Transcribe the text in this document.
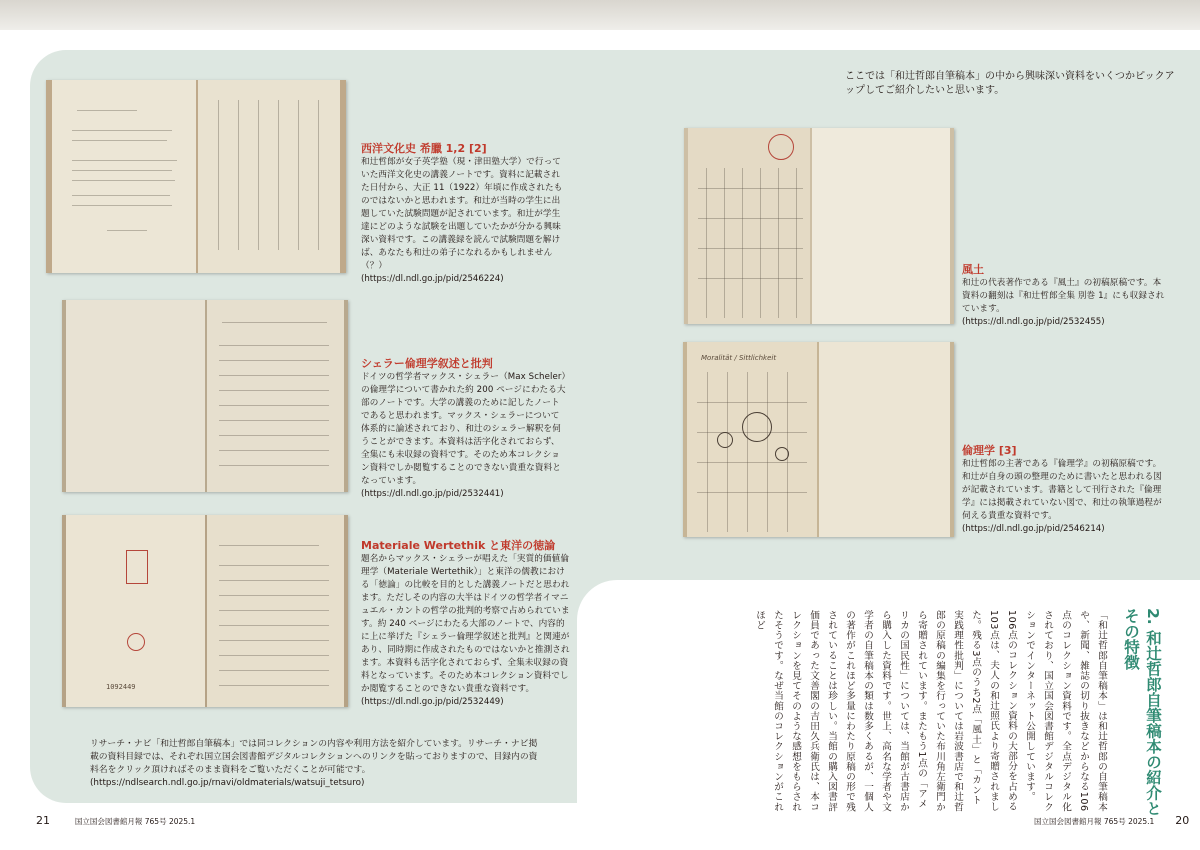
1092449
Moralität / Sittlichkeit
ここでは「和辻哲郎自筆稿本」の中から興味深い資料をいくつかピックアップしてご紹介したいと思います。
西洋文化史 希臘 1,2 [2]
和辻哲郎が女子英学塾（現・津田塾大学）で行っていた西洋文化史の講義ノートです。資料に記載された日付から、大正 11（1922）年頃に作成されたものではないかと思われます。和辻が当時の学生に出題していた試験問題が記されています。和辻が学生達にどのような試験を出題していたかが分かる興味深い資料です。この講義録を読んで試験問題を解けば、あなたも和辻の弟子になれるかもしれません（？）
(https://dl.ndl.go.jp/pid/2546224)
シェラー倫理学叙述と批判
ドイツの哲学者マックス・シェラー（Max Scheler）の倫理学について書かれた約 200 ページにわたる大部のノートです。大学の講義のために記したノートであると思われます。マックス・シェラーについて体系的に論述されており、和辻のシェラー解釈を伺うことができます。本資料は活字化されておらず、全集にも未収録の資料です。そのため本コレクション資料でしか閲覧することのできない貴重な資料となっています。
(https://dl.ndl.go.jp/pid/2532441)
Materiale Wertethik と東洋の徳論
題名からマックス・シェラーが唱えた「実質的価値倫理学（Materiale Wertethik）」と東洋の儒教における「徳論」の比較を目的とした講義ノートだと思われます。ただしその内容の大半はドイツの哲学者イマニュエル・カントの哲学の批判的考察で占められています。約 240 ページにわたる大部のノートで、内容的に上に挙げた『シェラー倫理学叙述と批判』と関連があり、同時期に作成されたものではないかと推測されます。本資料も活字化されておらず、全集未収録の資料となっています。そのため本コレクション資料でしか閲覧することのできない貴重な資料です。
(https://dl.ndl.go.jp/pid/2532449)
風土
和辻の代表著作である『風土』の初稿原稿です。本資料の翻刻は『和辻哲郎全集 別巻 1』にも収録されています。
(https://dl.ndl.go.jp/pid/2532455)
倫理学 [3]
和辻哲郎の主著である『倫理学』の初稿原稿です。和辻が自身の頭の整理のために書いたと思われる図が記載されています。書籍として刊行された『倫理学』には掲載されていない図で、和辻の執筆過程が伺える貴重な資料です。
(https://dl.ndl.go.jp/pid/2546214)
リサーチ・ナビ「和辻哲郎自筆稿本」では同コレクションの内容や利用方法を紹介しています。リサーチ・ナビ掲載の資料目録では、それぞれ国立国会図書館デジタルコレクションへのリンクを貼っておりますので、目録内の資料名をクリック頂ければそのまま資料をご覧いただくことが可能です。
(https://ndlsearch.ndl.go.jp/rnavi/oldmaterials/watsuji_tetsuro)	2. 和辻哲郎自筆稿本の紹介とその特徴
「和辻哲郎自筆稿本」は和辻哲郎の自筆稿本や、新聞、雑誌の切り抜きなどからなる106点のコレクション資料です。全点デジタル化されており、国立国会図書館デジタルコレクションでインターネット公開しています。106点のコレクション資料の大部分を占める103点は、夫人の和辻照氏より寄贈されました。残る3点のうち2点「風土」と「カント実践理性批判」については岩波書店で和辻哲郎の原稿の編集を行っていた布川角左衛門から寄贈されています。またもう1点の「アメリカの国民性」については、当館が古書店から購入した資料です。世上、高名な学者や文学者の自筆稿本の類は数多くあるが、一個人の著作がこれほど多量にわたり原稿の形で残されていることは珍しい。当館の購入図書評価員であった文善閣の吉田久兵衛氏は、本コレクションを見てそのような感想をもらされたそうです。なぜ当館のコレクションがこれほど
21	国立国会図書館月報 765号 2025.1	国立国会図書館月報 765号 2025.1 20
